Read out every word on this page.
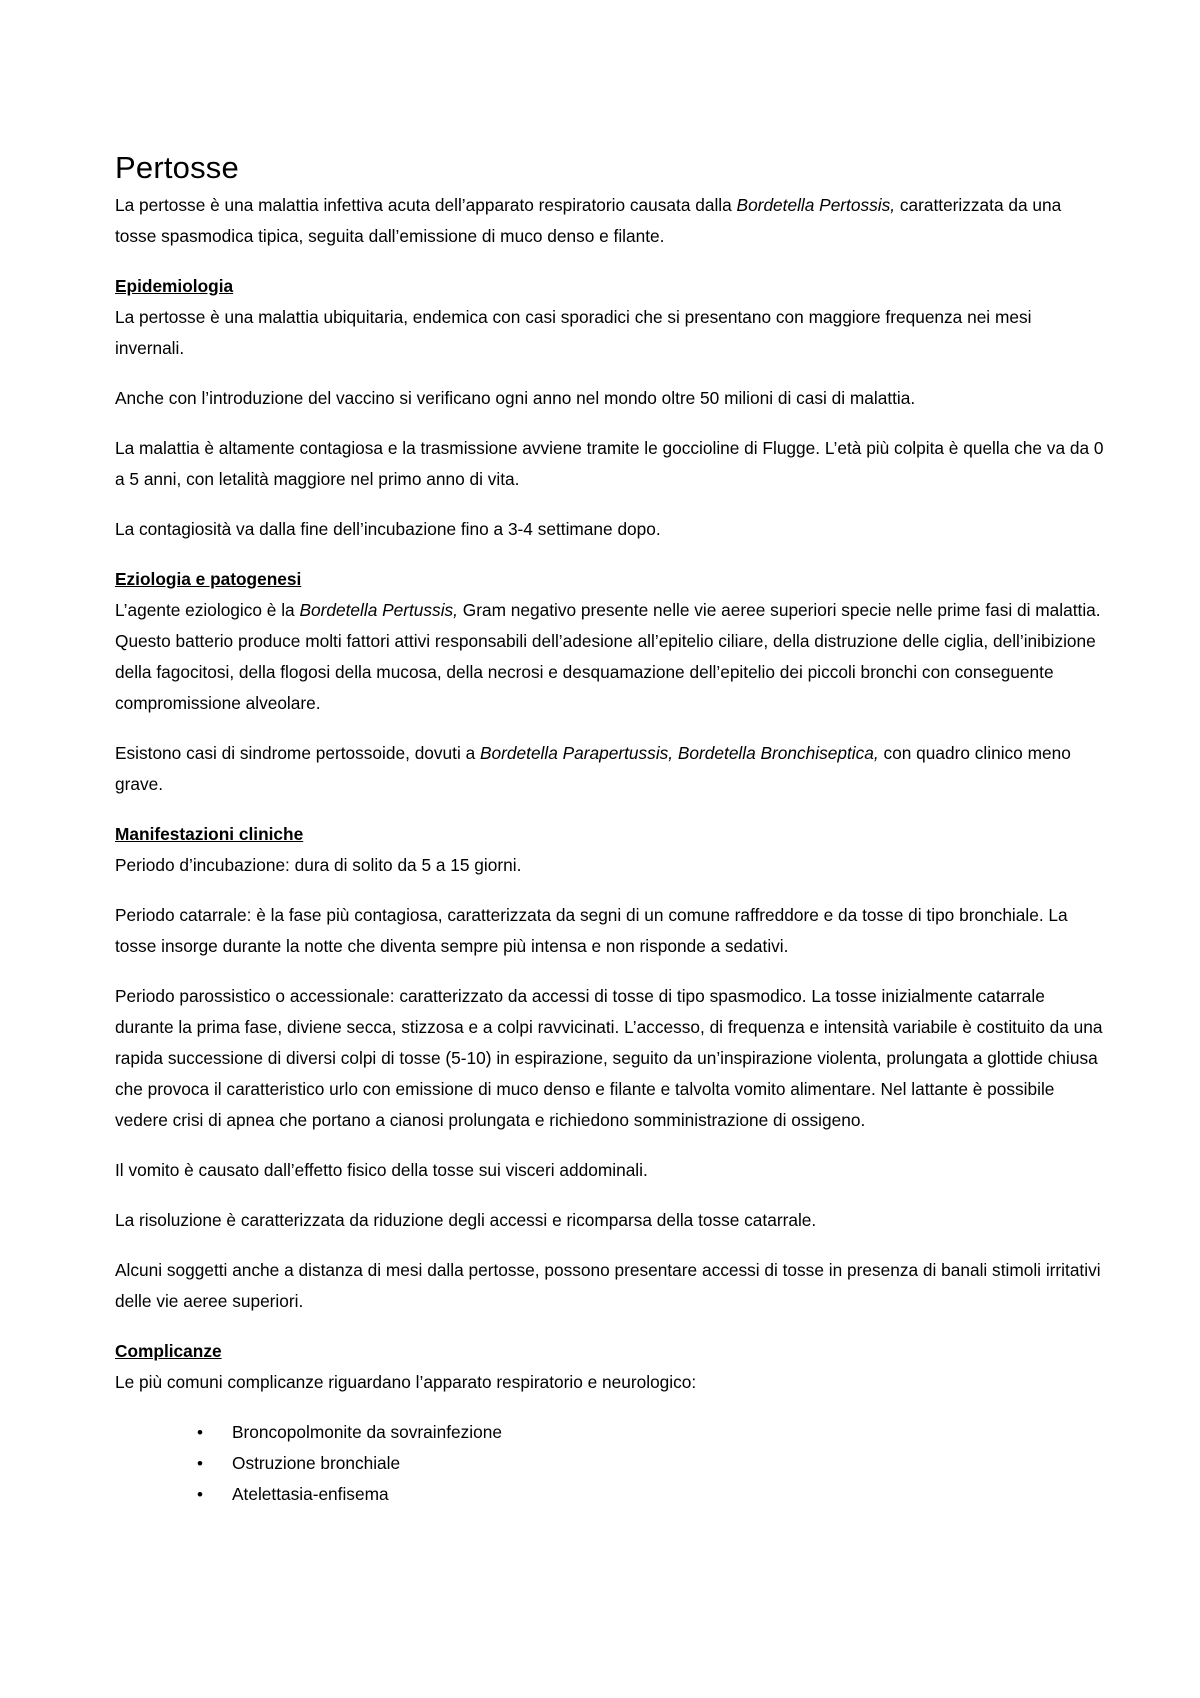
Pertosse

La pertosse è una malattia infettiva acuta dell’apparato respiratorio causata dalla Bordetella Pertossis, caratterizzata da una tosse spasmodica tipica, seguita dall’emissione di muco denso e filante.

Epidemiologia

La pertosse è una malattia ubiquitaria, endemica con casi sporadici che si presentano con maggiore frequenza nei mesi invernali.

Anche con l’introduzione del vaccino si verificano ogni anno nel mondo oltre 50 milioni di casi di malattia.

La malattia è altamente contagiosa e la trasmissione avviene tramite le goccioline di Flugge. L’età più colpita è quella che va da 0 a 5 anni, con letalità maggiore nel primo anno di vita.

La contagiosità va dalla fine dell’incubazione fino a 3-4 settimane dopo.

Eziologia e patogenesi

L’agente eziologico è la Bordetella Pertussis, Gram negativo presente nelle vie aeree superiori specie nelle prime fasi di malattia. Questo batterio produce molti fattori attivi responsabili dell’adesione all’epitelio ciliare, della distruzione delle ciglia, dell’inibizione della fagocitosi, della flogosi della mucosa, della necrosi e desquamazione dell’epitelio dei piccoli bronchi con conseguente compromissione alveolare.

Esistono casi di sindrome pertossoide, dovuti a Bordetella Parapertussis, Bordetella Bronchiseptica, con quadro clinico meno grave.

Manifestazioni cliniche

Periodo d’incubazione: dura di solito da 5 a 15 giorni.

Periodo catarrale: è la fase più contagiosa, caratterizzata da segni di un comune raffreddore e da tosse di tipo bronchiale. La tosse insorge durante la notte che diventa sempre più intensa e non risponde a sedativi.

Periodo parossistico o accessionale: caratterizzato da accessi di tosse di tipo spasmodico. La tosse inizialmente catarrale durante la prima fase, diviene secca, stizzosa e a colpi ravvicinati. L’accesso, di frequenza e intensità variabile è costituito da una rapida successione di diversi colpi di tosse (5-10) in espirazione, seguito da un’inspirazione violenta, prolungata a glottide chiusa che provoca il caratteristico urlo con emissione di muco denso e filante e talvolta vomito alimentare. Nel lattante è possibile vedere crisi di apnea che portano a cianosi prolungata e richiedono somministrazione di ossigeno.

Il vomito è causato dall’effetto fisico della tosse sui visceri addominali.

La risoluzione è caratterizzata da riduzione degli accessi e ricomparsa della tosse catarrale.

Alcuni soggetti anche a distanza di mesi dalla pertosse, possono presentare accessi di tosse in presenza di banali stimoli irritativi delle vie aeree superiori.

Complicanze

Le più comuni complicanze riguardano l’apparato respiratorio e neurologico:

• Broncopolmonite da sovrainfezione
• Ostruzione bronchiale
• Atelettasia-enfisema
